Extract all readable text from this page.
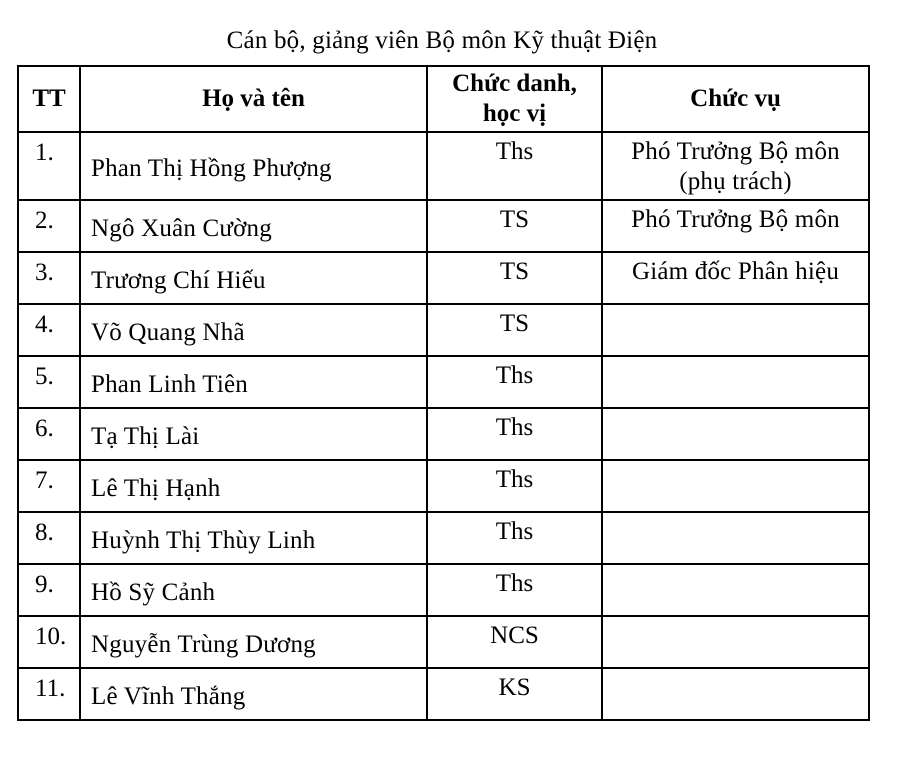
Cán bộ, giảng viên Bộ môn Kỹ thuật Điện
TT	Họ và tên	Chức danh,
học vị	Chức vụ
1.	Phan Thị Hồng Phượng	Ths	Phó Trưởng Bộ môn
(phụ trách)

2.	Ngô Xuân Cường	TS	Phó Trưởng Bộ môn
3.	Trương Chí Hiếu	TS	Giám đốc Phân hiệu
4.	Võ Quang Nhã	TS	
5.	Phan Linh Tiên	Ths	
6.	Tạ Thị Lài	Ths	
7.	Lê Thị Hạnh	Ths	
8.	Huỳnh Thị Thùy Linh	Ths	
9.	Hồ Sỹ Cảnh	Ths	
10.	Nguyễn Trùng Dương	NCS	
11.	Lê Vĩnh Thắng	KS	
